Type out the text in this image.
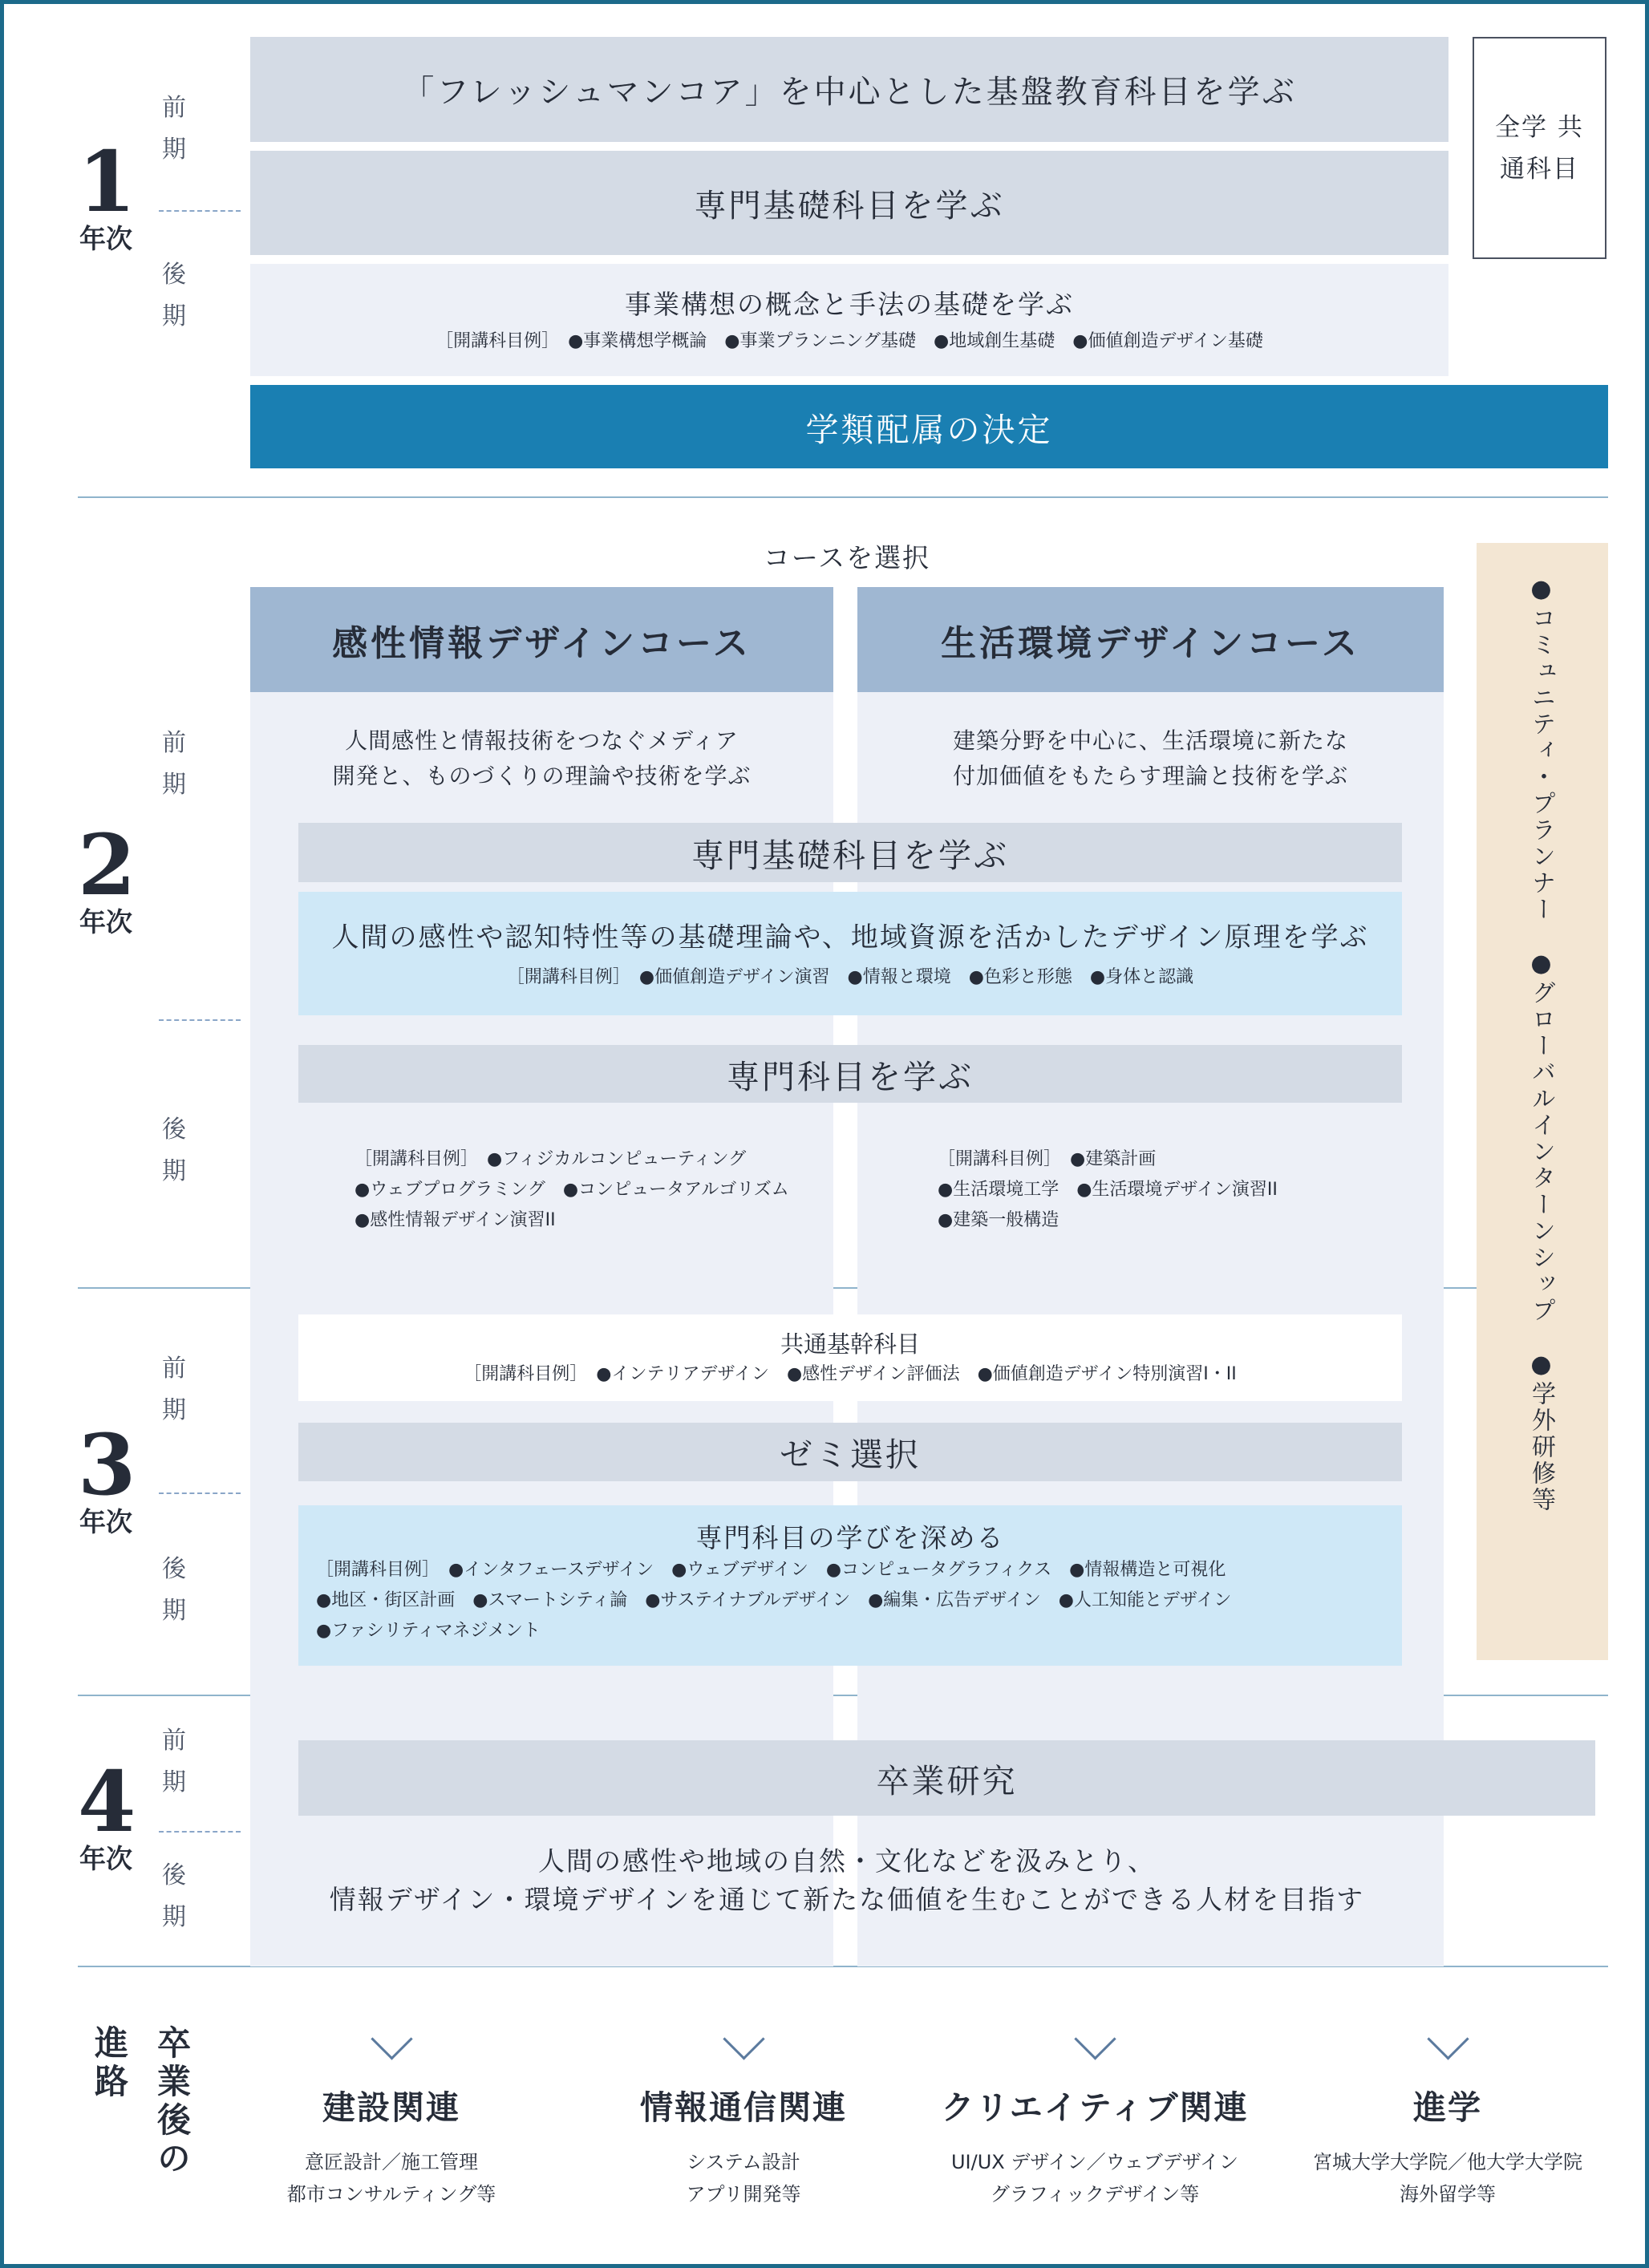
1
年次
2
年次
3
年次
4
年次
前期
後期
前期
後期
前期
後期
前期
後期
「フレッシュマンコア」を中心とした基盤教育科目を学ぶ
専門基礎科目を学ぶ
事業構想の概念と手法の基礎を学ぶ
［開講科目例］　●事業構想学概論　●事業プランニング基礎　●地域創生基礎　●価値創造デザイン基礎
全学 共通科目
学類配属の決定
コースを選択
感性情報デザインコース	生活環境デザインコース
人間感性と情報技術をつなぐメディア
開発と、ものづくりの理論や技術を学ぶ
建築分野を中心に、生活環境に新たな
付加価値をもたらす理論と技術を学ぶ
専門基礎科目を学ぶ
人間の感性や認知特性等の基礎理論や、地域資源を活かしたデザイン原理を学ぶ
［開講科目例］　●価値創造デザイン演習　●情報と環境　●色彩と形態　●身体と認識
専門科目を学ぶ
［開講科目例］　●フィジカルコンピューティング
●ウェブプログラミング　●コンピュータアルゴリズム
●感性情報デザイン演習II
［開講科目例］　●建築計画
●生活環境工学　●生活環境デザイン演習II
●建築一般構造	●コミュニティ・プランナー　●グローバルインターンシップ　●学外研修等
共通基幹科目
［開講科目例］　●インテリアデザイン　●感性デザイン評価法　●価値創造デザイン特別演習I・II
ゼミ選択
専門科目の学びを深める
［開講科目例］　●インタフェースデザイン　●ウェブデザイン　●コンピュータグラフィクス　●情報構造と可視化
●地区・街区計画　●スマートシティ論　●サステイナブルデザイン　●編集・広告デザイン　●人工知能とデザイン
●ファシリティマネジメント
卒業研究
人間の感性や地域の自然・文化などを汲みとり、
情報デザイン・環境デザインを通じて新たな価値を生むことができる人材を目指す
卒業後の進路
建設関連
意匠設計／施工管理
都市コンサルティング等
情報通信関連
システム設計
アプリ開発等
クリエイティブ関連
UI/UX デザイン／ウェブデザイン
グラフィックデザイン等
進学
宮城大学大学院／他大学大学院
海外留学等
